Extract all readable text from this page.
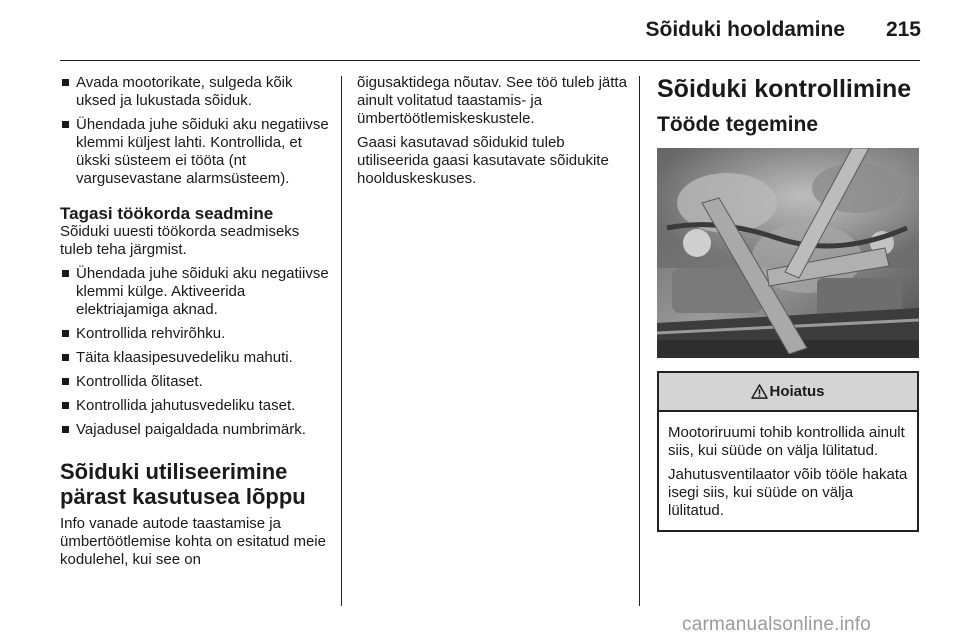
Sõiduki hooldamine	215
Avada mootorikate, sulgeda kõik uksed ja lukustada sõiduk.
Ühendada juhe sõiduki aku negatiivse klemmi küljest lahti. Kontrollida, et ükski süsteem ei tööta (nt vargusevastane alarmsüsteem).
Tagasi töökorda seadmine

Sõiduki uuesti töökorda seadmiseks tuleb teha järgmist.

Ühendada juhe sõiduki aku negatiivse klemmi külge. Aktiveerida elektriajamiga aknad.
Kontrollida rehvirõhku.
Täita klaasipesuvedeliku mahuti.
Kontrollida õlitaset.
Kontrollida jahutusvedeliku taset.
Vajadusel paigaldada numbrimärk.
Sõiduki utiliseerimine pärast kasutusea lõppu

Info vanade autode taastamise ja ümbertöötlemise kohta on esitatud meie kodulehel, kui see on

õigusaktidega nõutav. See töö tuleb jätta ainult volitatud taastamis- ja ümbertöötlemiskeskustele.

Gaasi kasutavad sõidukid tuleb utiliseerida gaasi kasutavate sõidukite hoolduskeskuses.

Sõiduki kontrollimine
Tööde tegemine
Hoiatus

Mootoriruumi tohib kontrollida ainult siis, kui süüde on välja lülitatud.

Jahutusventilaator võib tööle hakata isegi siis, kui süüde on välja lülitatud.

carmanualsonline.info
